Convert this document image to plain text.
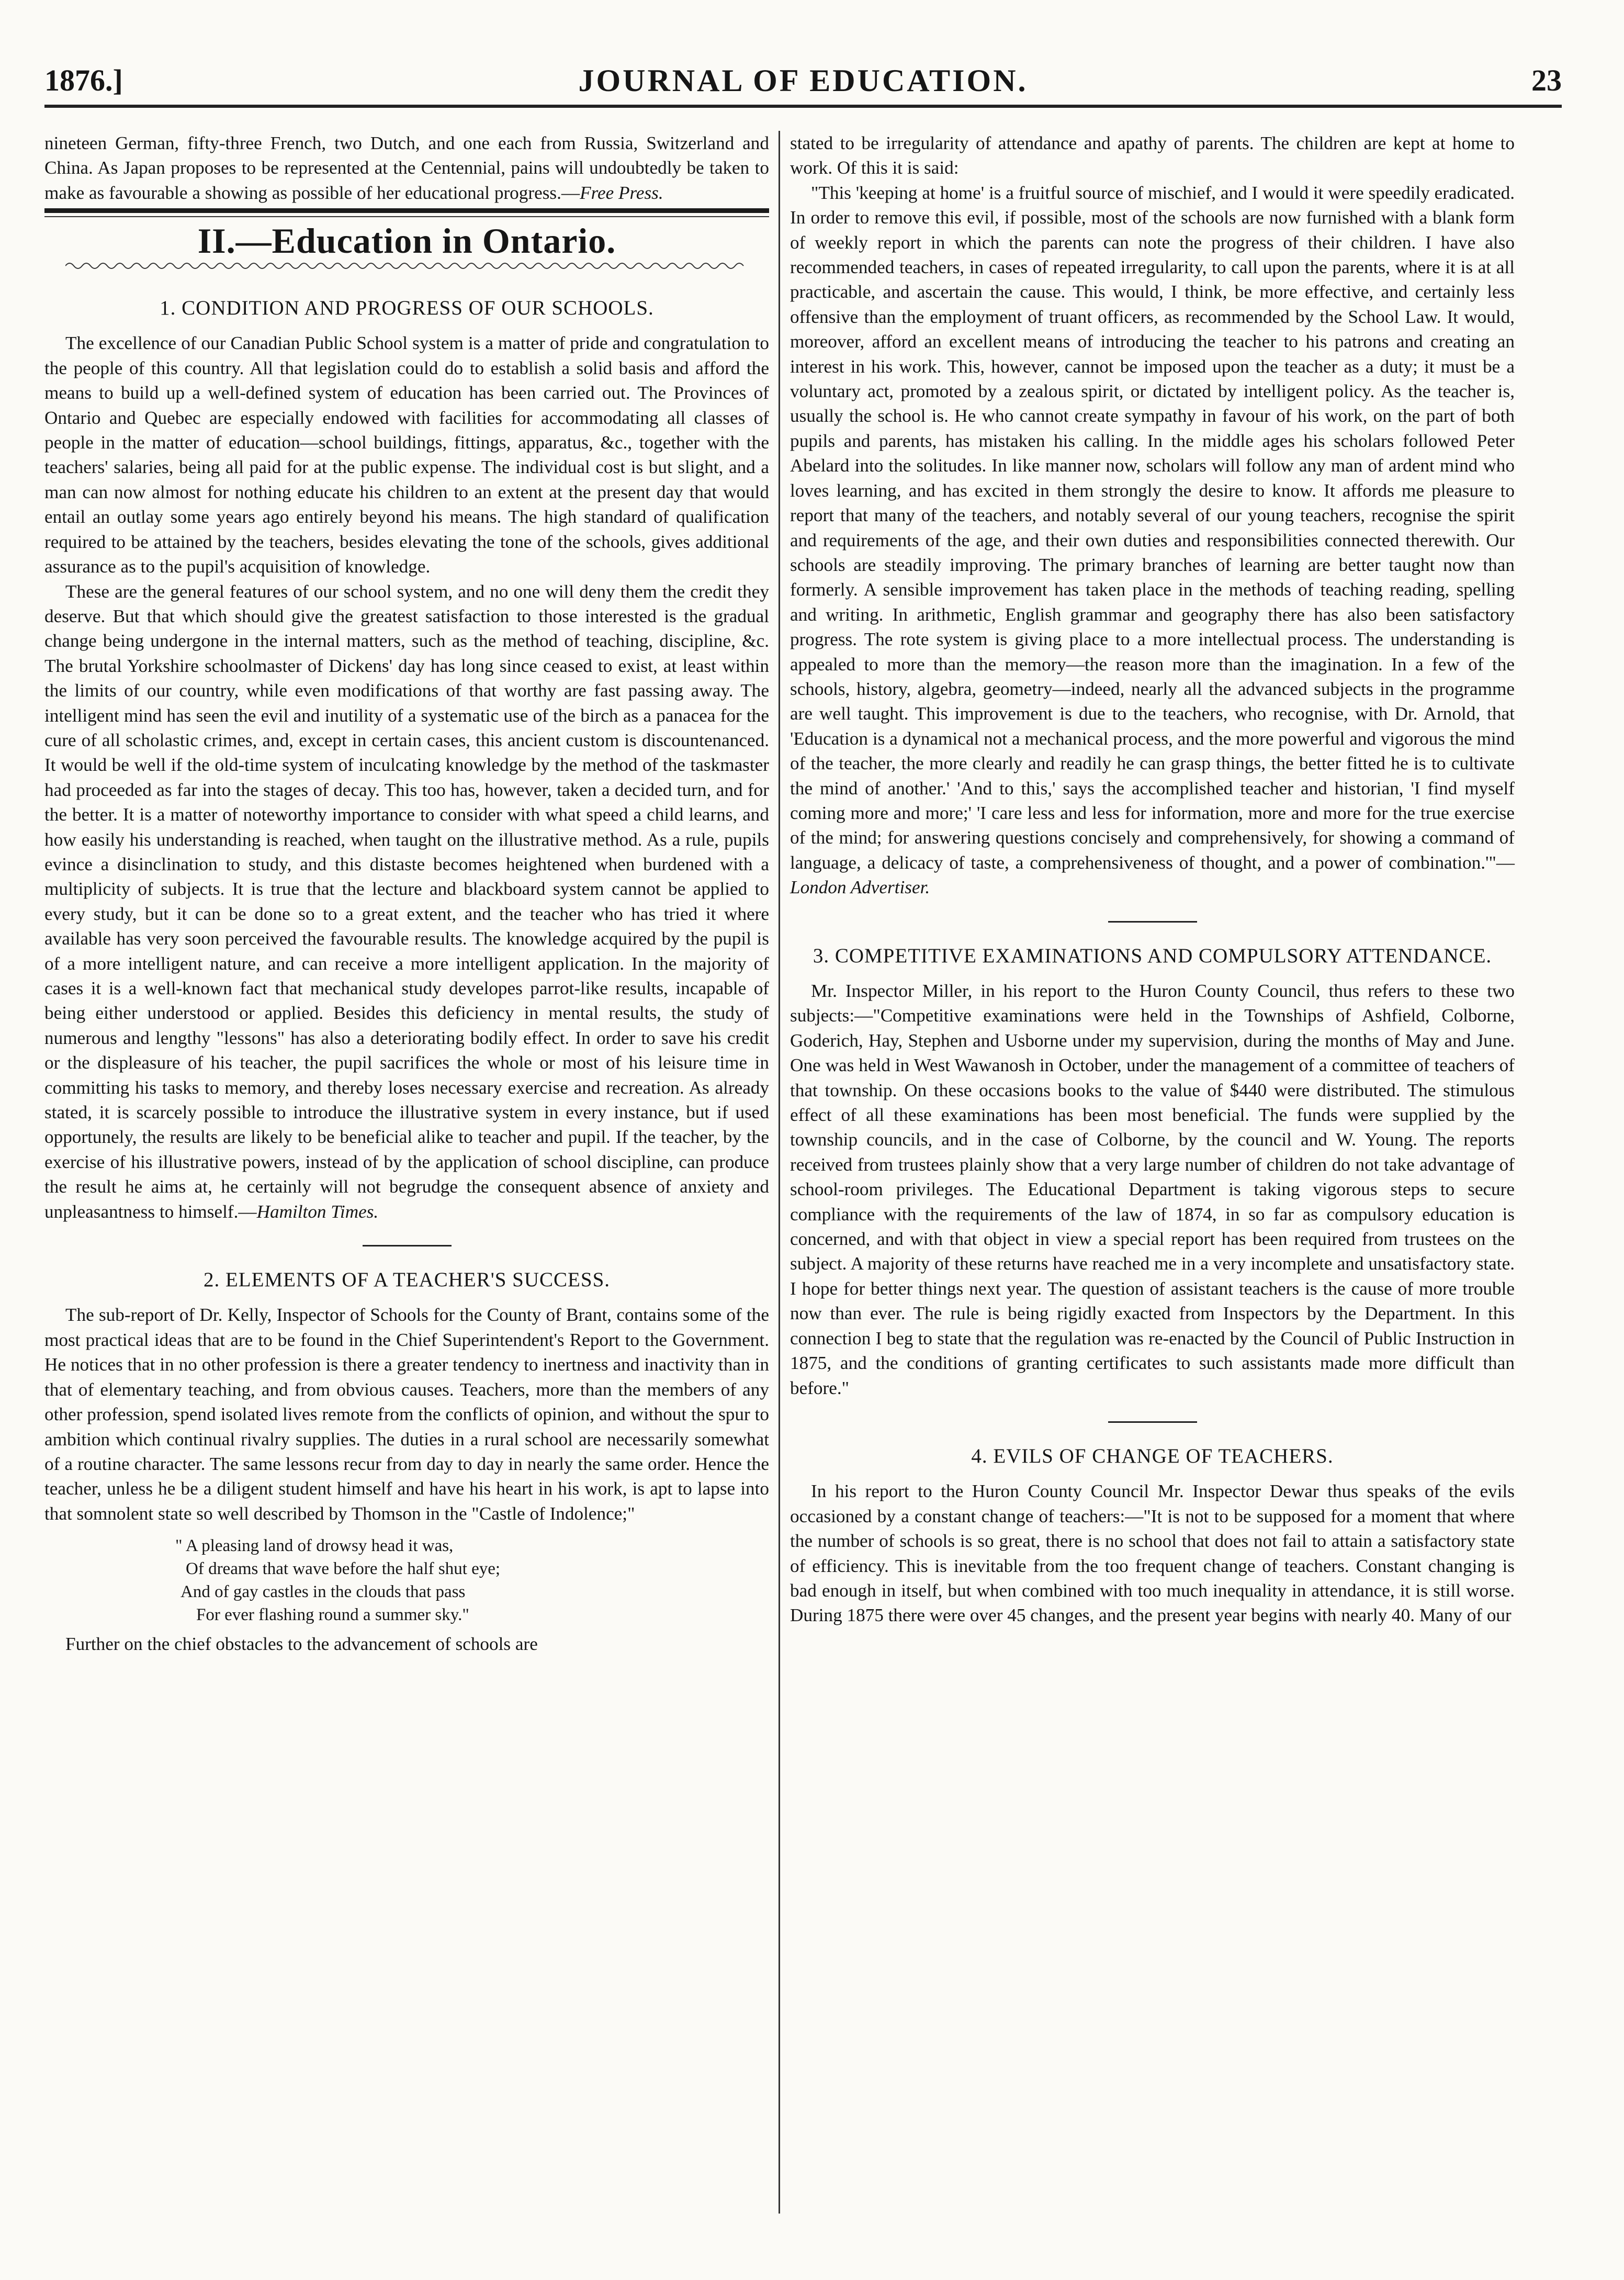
1876.]	JOURNAL OF EDUCATION.	23

nineteen German, fifty-three French, two Dutch, and one each from Russia, Switzerland and China. As Japan proposes to be represented at the Centennial, pains will undoubtedly be taken to make as favourable a showing as possible of her educational progress.—Free Press.

II.—Education in Ontario.
1. CONDITION AND PROGRESS OF OUR SCHOOLS.

The excellence of our Canadian Public School system is a matter of pride and congratulation to the people of this country. All that legislation could do to establish a solid basis and afford the means to build up a well-defined system of education has been carried out. The Provinces of Ontario and Quebec are especially endowed with facilities for accommodating all classes of people in the matter of education—school buildings, fittings, apparatus, &c., together with the teachers' salaries, being all paid for at the public expense. The individual cost is but slight, and a man can now almost for nothing educate his children to an extent at the present day that would entail an outlay some years ago entirely beyond his means. The high standard of qualification required to be attained by the teachers, besides elevating the tone of the schools, gives additional assurance as to the pupil's acquisition of knowledge.

These are the general features of our school system, and no one will deny them the credit they deserve. But that which should give the greatest satisfaction to those interested is the gradual change being undergone in the internal matters, such as the method of teaching, discipline, &c. The brutal Yorkshire schoolmaster of Dickens' day has long since ceased to exist, at least within the limits of our country, while even modifications of that worthy are fast passing away. The intelligent mind has seen the evil and inutility of a systematic use of the birch as a panacea for the cure of all scholastic crimes, and, except in certain cases, this ancient custom is discountenanced. It would be well if the old-time system of inculcating knowledge by the method of the taskmaster had proceeded as far into the stages of decay. This too has, however, taken a decided turn, and for the better. It is a matter of noteworthy importance to consider with what speed a child learns, and how easily his understanding is reached, when taught on the illustrative method. As a rule, pupils evince a disinclination to study, and this distaste becomes heightened when burdened with a multiplicity of subjects. It is true that the lecture and blackboard system cannot be applied to every study, but it can be done so to a great extent, and the teacher who has tried it where available has very soon perceived the favourable results. The knowledge acquired by the pupil is of a more intelligent nature, and can receive a more intelligent application. In the majority of cases it is a well-known fact that mechanical study developes parrot-like results, incapable of being either understood or applied. Besides this deficiency in mental results, the study of numerous and lengthy "lessons" has also a deteriorating bodily effect. In order to save his credit or the displeasure of his teacher, the pupil sacrifices the whole or most of his leisure time in committing his tasks to memory, and thereby loses necessary exercise and recreation. As already stated, it is scarcely possible to introduce the illustrative system in every instance, but if used opportunely, the results are likely to be beneficial alike to teacher and pupil. If the teacher, by the exercise of his illustrative powers, instead of by the application of school discipline, can produce the result he aims at, he certainly will not begrudge the consequent absence of anxiety and unpleasantness to himself.—Hamilton Times.

2. ELEMENTS OF A TEACHER'S SUCCESS.

The sub-report of Dr. Kelly, Inspector of Schools for the County of Brant, contains some of the most practical ideas that are to be found in the Chief Superintendent's Report to the Government. He notices that in no other profession is there a greater tendency to inertness and inactivity than in that of elementary teaching, and from obvious causes. Teachers, more than the members of any other profession, spend isolated lives remote from the conflicts of opinion, and without the spur to ambition which continual rivalry supplies. The duties in a rural school are necessarily somewhat of a routine character. The same lessons recur from day to day in nearly the same order. Hence the teacher, unless he be a diligent student himself and have his heart in his work, is apt to lapse into that somnolent state so well described by Thomson in the "Castle of Indolence;"

" A pleasing land of drowsy head it was,
Of dreams that wave before the half shut eye;
And of gay castles in the clouds that pass
For ever flashing round a summer sky."

Further on the chief obstacles to the advancement of schools are

stated to be irregularity of attendance and apathy of parents. The children are kept at home to work. Of this it is said:

"This 'keeping at home' is a fruitful source of mischief, and I would it were speedily eradicated. In order to remove this evil, if possible, most of the schools are now furnished with a blank form of weekly report in which the parents can note the progress of their children. I have also recommended teachers, in cases of repeated irregularity, to call upon the parents, where it is at all practicable, and ascertain the cause. This would, I think, be more effective, and certainly less offensive than the employment of truant officers, as recommended by the School Law. It would, moreover, afford an excellent means of introducing the teacher to his patrons and creating an interest in his work. This, however, cannot be imposed upon the teacher as a duty; it must be a voluntary act, promoted by a zealous spirit, or dictated by intelligent policy. As the teacher is, usually the school is. He who cannot create sympathy in favour of his work, on the part of both pupils and parents, has mistaken his calling. In the middle ages his scholars followed Peter Abelard into the solitudes. In like manner now, scholars will follow any man of ardent mind who loves learning, and has excited in them strongly the desire to know. It affords me pleasure to report that many of the teachers, and notably several of our young teachers, recognise the spirit and requirements of the age, and their own duties and responsibilities connected therewith. Our schools are steadily improving. The primary branches of learning are better taught now than formerly. A sensible improvement has taken place in the methods of teaching reading, spelling and writing. In arithmetic, English grammar and geography there has also been satisfactory progress. The rote system is giving place to a more intellectual process. The understanding is appealed to more than the memory—the reason more than the imagination. In a few of the schools, history, algebra, geometry—indeed, nearly all the advanced subjects in the programme are well taught. This improvement is due to the teachers, who recognise, with Dr. Arnold, that 'Education is a dynamical not a mechanical process, and the more powerful and vigorous the mind of the teacher, the more clearly and readily he can grasp things, the better fitted he is to cultivate the mind of another.' 'And to this,' says the accomplished teacher and historian, 'I find myself coming more and more;' 'I care less and less for information, more and more for the true exercise of the mind; for answering questions concisely and comprehensively, for showing a command of language, a delicacy of taste, a comprehensiveness of thought, and a power of combination.'"—London Advertiser.

3. COMPETITIVE EXAMINATIONS AND COMPULSORY ATTENDANCE.

Mr. Inspector Miller, in his report to the Huron County Council, thus refers to these two subjects:—"Competitive examinations were held in the Townships of Ashfield, Colborne, Goderich, Hay, Stephen and Usborne under my supervision, during the months of May and June. One was held in West Wawanosh in October, under the management of a committee of teachers of that township. On these occasions books to the value of $440 were distributed. The stimulous effect of all these examinations has been most beneficial. The funds were supplied by the township councils, and in the case of Colborne, by the council and W. Young. The reports received from trustees plainly show that a very large number of children do not take advantage of school-room privileges. The Educational Department is taking vigorous steps to secure compliance with the requirements of the law of 1874, in so far as compulsory education is concerned, and with that object in view a special report has been required from trustees on the subject. A majority of these returns have reached me in a very incomplete and unsatisfactory state. I hope for better things next year. The question of assistant teachers is the cause of more trouble now than ever. The rule is being rigidly exacted from Inspectors by the Department. In this connection I beg to state that the regulation was re-enacted by the Council of Public Instruction in 1875, and the conditions of granting certificates to such assistants made more difficult than before."

4. EVILS OF CHANGE OF TEACHERS.

In his report to the Huron County Council Mr. Inspector Dewar thus speaks of the evils occasioned by a constant change of teachers:—"It is not to be supposed for a moment that where the number of schools is so great, there is no school that does not fail to attain a satisfactory state of efficiency. This is inevitable from the too frequent change of teachers. Constant changing is bad enough in itself, but when combined with too much inequality in attendance, it is still worse. During 1875 there were over 45 changes, and the present year begins with nearly 40. Many of our
